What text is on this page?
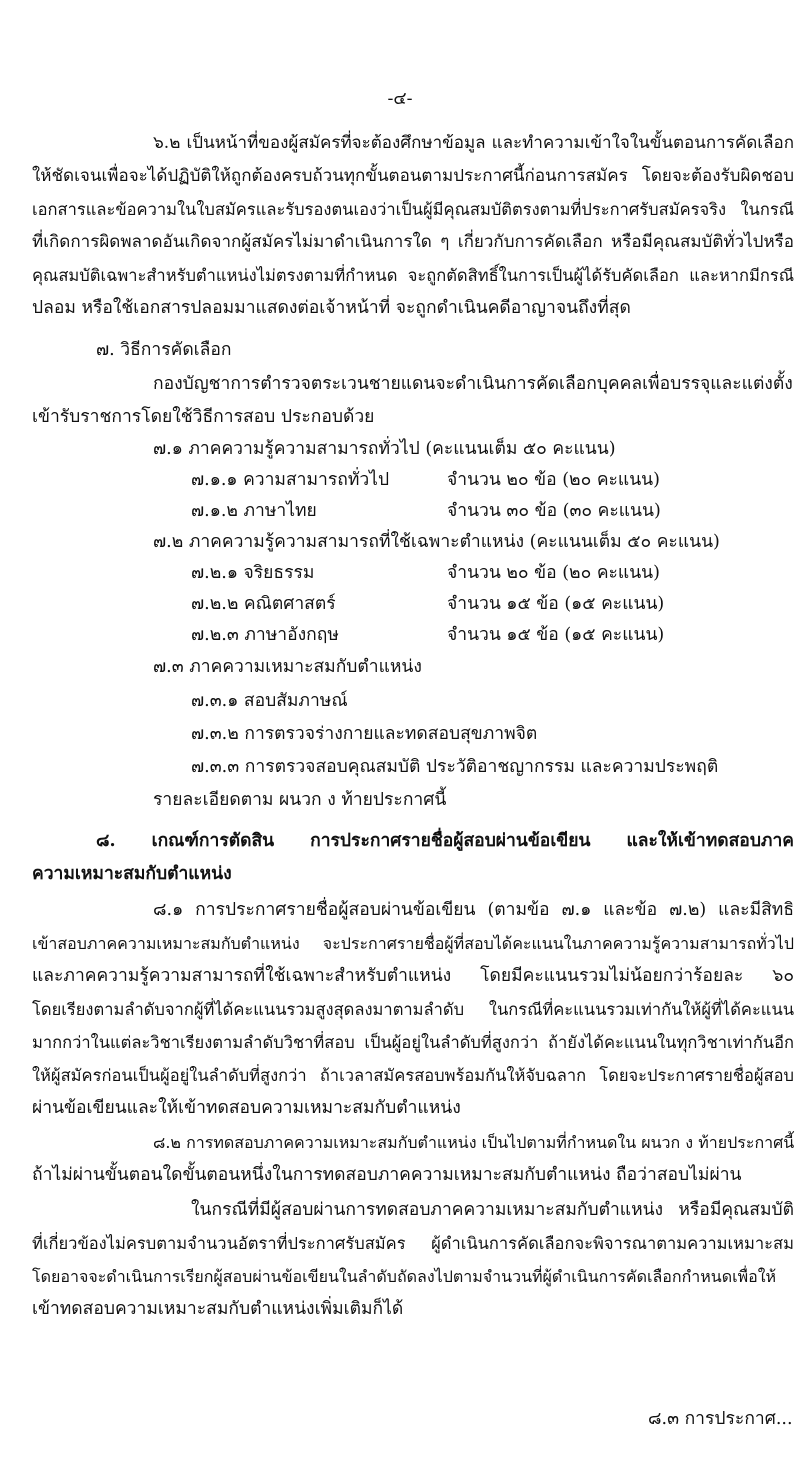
-๔-
๖.๒ เป็นหน้าที่ของผู้สมัครที่จะต้องศึกษาข้อมูล และทำความเข้าใจในขั้นตอนการคัดเลือก
ให้ชัดเจนเพื่อจะได้ปฏิบัติให้ถูกต้องครบถ้วนทุกขั้นตอนตามประกาศนี้ก่อนการสมัคร โดยจะต้องรับผิดชอบ
เอกสารและข้อความในใบสมัครและรับรองตนเองว่าเป็นผู้มีคุณสมบัติตรงตามที่ประกาศรับสมัครจริง ในกรณี
ที่เกิดการผิดพลาดอันเกิดจากผู้สมัครไม่มาดำเนินการใด ๆ เกี่ยวกับการคัดเลือก หรือมีคุณสมบัติทั่วไปหรือ
คุณสมบัติเฉพาะสำหรับตำแหน่งไม่ตรงตามที่กำหนด จะถูกตัดสิทธิ์ในการเป็นผู้ได้รับคัดเลือก และหากมีกรณี
ปลอม หรือใช้เอกสารปลอมมาแสดงต่อเจ้าหน้าที่ จะถูกดำเนินคดีอาญาจนถึงที่สุด
๗. วิธีการคัดเลือก
กองบัญชาการตำรวจตระเวนชายแดนจะดำเนินการคัดเลือกบุคคลเพื่อบรรจุและแต่งตั้ง
เข้ารับราชการโดยใช้วิธีการสอบ ประกอบด้วย
๗.๑ ภาคความรู้ความสามารถทั่วไป (คะแนนเต็ม ๕๐ คะแนน)
๗.๑.๑ ความสามารถทั่วไป	จำนวน ๒๐ ข้อ (๒๐ คะแนน)
๗.๑.๒ ภาษาไทย	จำนวน ๓๐ ข้อ (๓๐ คะแนน)
๗.๒ ภาคความรู้ความสามารถที่ใช้เฉพาะตำแหน่ง (คะแนนเต็ม ๕๐ คะแนน)
๗.๒.๑ จริยธรรม	จำนวน ๒๐ ข้อ (๒๐ คะแนน)
๗.๒.๒ คณิตศาสตร์	จำนวน ๑๕ ข้อ (๑๕ คะแนน)
๗.๒.๓ ภาษาอังกฤษ	จำนวน ๑๕ ข้อ (๑๕ คะแนน)
๗.๓ ภาคความเหมาะสมกับตำแหน่ง
๗.๓.๑ สอบสัมภาษณ์
๗.๓.๒ การตรวจร่างกายและทดสอบสุขภาพจิต
๗.๓.๓ การตรวจสอบคุณสมบัติ ประวัติอาชญากรรม และความประพฤติ
รายละเอียดตาม ผนวก ง ท้ายประกาศนี้
๘. เกณฑ์การตัดสิน การประกาศรายชื่อผู้สอบผ่านข้อเขียน และให้เข้าทดสอบภาค
ความเหมาะสมกับตำแหน่ง
๘.๑ การประกาศรายชื่อผู้สอบผ่านข้อเขียน (ตามข้อ ๗.๑ และข้อ ๗.๒) และมีสิทธิ
เข้าสอบภาคความเหมาะสมกับตำแหน่ง จะประกาศรายชื่อผู้ที่สอบได้คะแนนในภาคความรู้ความสามารถทั่วไป
และภาคความรู้ความสามารถที่ใช้เฉพาะสำหรับตำแหน่ง โดยมีคะแนนรวมไม่น้อยกว่าร้อยละ ๖๐
โดยเรียงตามลำดับจากผู้ที่ได้คะแนนรวมสูงสุดลงมาตามลำดับ ในกรณีที่คะแนนรวมเท่ากันให้ผู้ที่ได้คะแนน
มากกว่าในแต่ละวิชาเรียงตามลำดับวิชาที่สอบ เป็นผู้อยู่ในลำดับที่สูงกว่า ถ้ายังได้คะแนนในทุกวิชาเท่ากันอีก
ให้ผู้สมัครก่อนเป็นผู้อยู่ในลำดับที่สูงกว่า ถ้าเวลาสมัครสอบพร้อมกันให้จับฉลาก โดยจะประกาศรายชื่อผู้สอบ
ผ่านข้อเขียนและให้เข้าทดสอบความเหมาะสมกับตำแหน่ง
๘.๒ การทดสอบภาคความเหมาะสมกับตำแหน่ง เป็นไปตามที่กำหนดใน ผนวก ง ท้ายประกาศนี้
ถ้าไม่ผ่านขั้นตอนใดขั้นตอนหนึ่งในการทดสอบภาคความเหมาะสมกับตำแหน่ง ถือว่าสอบไม่ผ่าน
ในกรณีที่มีผู้สอบผ่านการทดสอบภาคความเหมาะสมกับตำแหน่ง หรือมีคุณสมบัติ
ที่เกี่ยวข้องไม่ครบตามจำนวนอัตราที่ประกาศรับสมัคร ผู้ดำเนินการคัดเลือกจะพิจารณาตามความเหมาะสม
โดยอาจจะดำเนินการเรียกผู้สอบผ่านข้อเขียนในลำดับถัดลงไปตามจำนวนที่ผู้ดำเนินการคัดเลือกกำหนดเพื่อให้
เข้าทดสอบความเหมาะสมกับตำแหน่งเพิ่มเติมก็ได้
๘.๓ การประกาศ...
